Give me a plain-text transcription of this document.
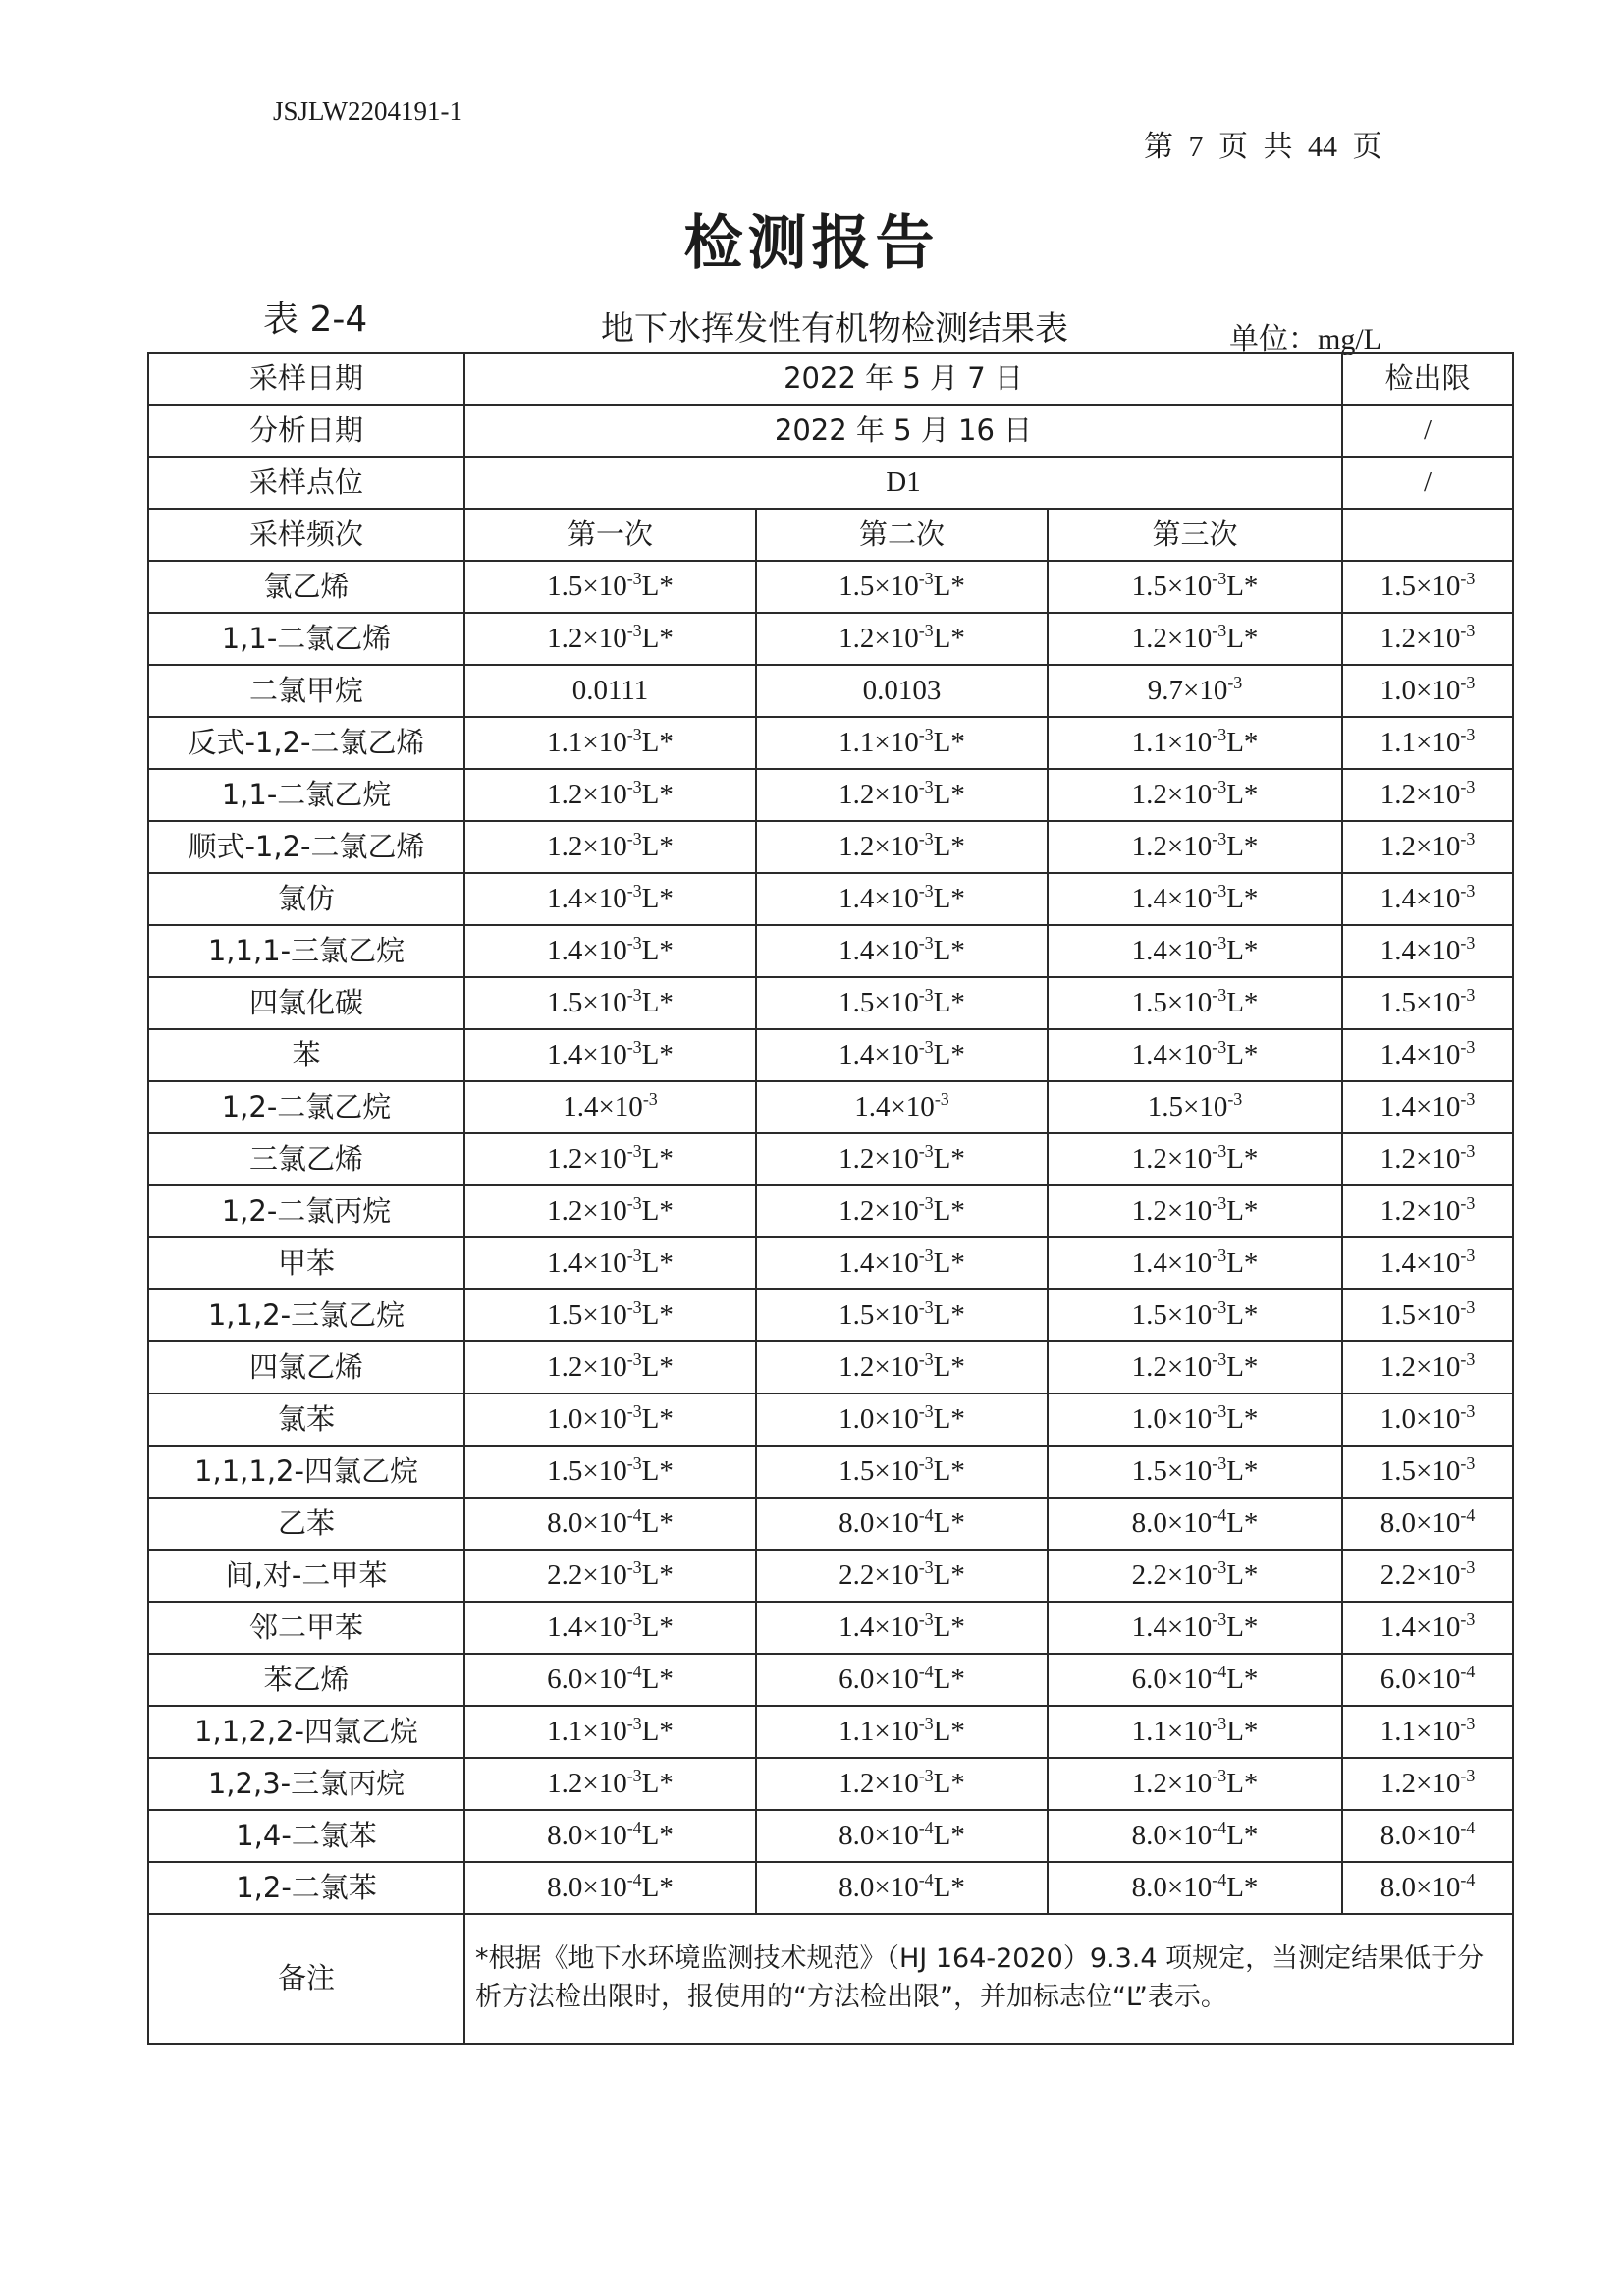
JSJLW2204191-1
第 7 页 共 44 页
检测报告
表 2-4	地下水挥发性有机物检测结果表	单位：mg/L
采样日期	2022 年 5 月 7 日			检出限
分析日期	2022 年 5 月 16 日			/
采样点位	D1			/
采样频次	第一次	第二次	第三次	
氯乙烯	$1.5\times 10^{-3}L*$	$1.5\times 10^{-3}L*$	$1.5\times 10^{-3}L*$	$1.5\times 10^{-3}$
1,1-二氯乙烯	$1.2\times 10^{-3}L*$	$1.2\times 10^{-3}L*$	$1.2\times 10^{-3}L*$	$1.2\times 10^{-3}$
二氯甲烷	0.0111	0.0103	$9.7\times 10^{-3}$	$1.0\times 10^{-3}$
反式-1,2-二氯乙烯	$1.1\times 10^{-3}L*$	$1.1\times 10^{-3}L*$	$1.1\times 10^{-3}L*$	$1.1\times 10^{-3}$
1,1-二氯乙烷	$1.2\times 10^{-3}L*$	$1.2\times 10^{-3}L*$	$1.2\times 10^{-3}L*$	$1.2\times 10^{-3}$
顺式-1,2-二氯乙烯	$1.2\times 10^{-3}L*$	$1.2\times 10^{-3}L*$	$1.2\times 10^{-3}L*$	$1.2\times 10^{-3}$
氯仿	$1.4\times 10^{-3}L*$	$1.4\times 10^{-3}L*$	$1.4\times 10^{-3}L*$	$1.4\times 10^{-3}$
1,1,1-三氯乙烷	$1.4\times 10^{-3}L*$	$1.4\times 10^{-3}L*$	$1.4\times 10^{-3}L*$	$1.4\times 10^{-3}$
四氯化碳	$1.5\times 10^{-3}L*$	$1.5\times 10^{-3}L*$	$1.5\times 10^{-3}L*$	$1.5\times 10^{-3}$
苯	$1.4\times 10^{-3}L*$	$1.4\times 10^{-3}L*$	$1.4\times 10^{-3}L*$	$1.4\times 10^{-3}$
1,2-二氯乙烷	$1.4\times 10^{-3}$	$1.4\times 10^{-3}$	$1.5\times 10^{-3}$	$1.4\times 10^{-3}$
三氯乙烯	$1.2\times 10^{-3}L*$	$1.2\times 10^{-3}L*$	$1.2\times 10^{-3}L*$	$1.2\times 10^{-3}$
1,2-二氯丙烷	$1.2\times 10^{-3}L*$	$1.2\times 10^{-3}L*$	$1.2\times 10^{-3}L*$	$1.2\times 10^{-3}$
甲苯	$1.4\times 10^{-3}L*$	$1.4\times 10^{-3}L*$	$1.4\times 10^{-3}L*$	$1.4\times 10^{-3}$
1,1,2-三氯乙烷	$1.5\times 10^{-3}L*$	$1.5\times 10^{-3}L*$	$1.5\times 10^{-3}L*$	$1.5\times 10^{-3}$
四氯乙烯	$1.2\times 10^{-3}L*$	$1.2\times 10^{-3}L*$	$1.2\times 10^{-3}L*$	$1.2\times 10^{-3}$
氯苯	$1.0\times 10^{-3}L*$	$1.0\times 10^{-3}L*$	$1.0\times 10^{-3}L*$	$1.0\times 10^{-3}$
1,1,1,2-四氯乙烷	$1.5\times 10^{-3}L*$	$1.5\times 10^{-3}L*$	$1.5\times 10^{-3}L*$	$1.5\times 10^{-3}$
乙苯	$8.0\times 10^{-4}L*$	$8.0\times 10^{-4}L*$	$8.0\times 10^{-4}L*$	$8.0\times 10^{-4}$
间,对-二甲苯	$2.2\times 10^{-3}L*$	$2.2\times 10^{-3}L*$	$2.2\times 10^{-3}L*$	$2.2\times 10^{-3}$
邻二甲苯	$1.4\times 10^{-3}L*$	$1.4\times 10^{-3}L*$	$1.4\times 10^{-3}L*$	$1.4\times 10^{-3}$
苯乙烯	$6.0\times 10^{-4}L*$	$6.0\times 10^{-4}L*$	$6.0\times 10^{-4}L*$	$6.0\times 10^{-4}$
1,1,2,2-四氯乙烷	$1.1\times 10^{-3}L*$	$1.1\times 10^{-3}L*$	$1.1\times 10^{-3}L*$	$1.1\times 10^{-3}$
1,2,3-三氯丙烷	$1.2\times 10^{-3}L*$	$1.2\times 10^{-3}L*$	$1.2\times 10^{-3}L*$	$1.2\times 10^{-3}$
1,4-二氯苯	$8.0\times 10^{-4}L*$	$8.0\times 10^{-4}L*$	$8.0\times 10^{-4}L*$	$8.0\times 10^{-4}$
1,2-二氯苯	$8.0\times 10^{-4}L*$	$8.0\times 10^{-4}L*$	$8.0\times 10^{-4}L*$	$8.0\times 10^{-4}$
备注	*根据《地下水环境监测技术规范》（HJ 164-2020）9.3.4 项规定，当测定结果低于分析方法检出限时，报使用的“方法检出限”，并加标志位“L”表示。			
